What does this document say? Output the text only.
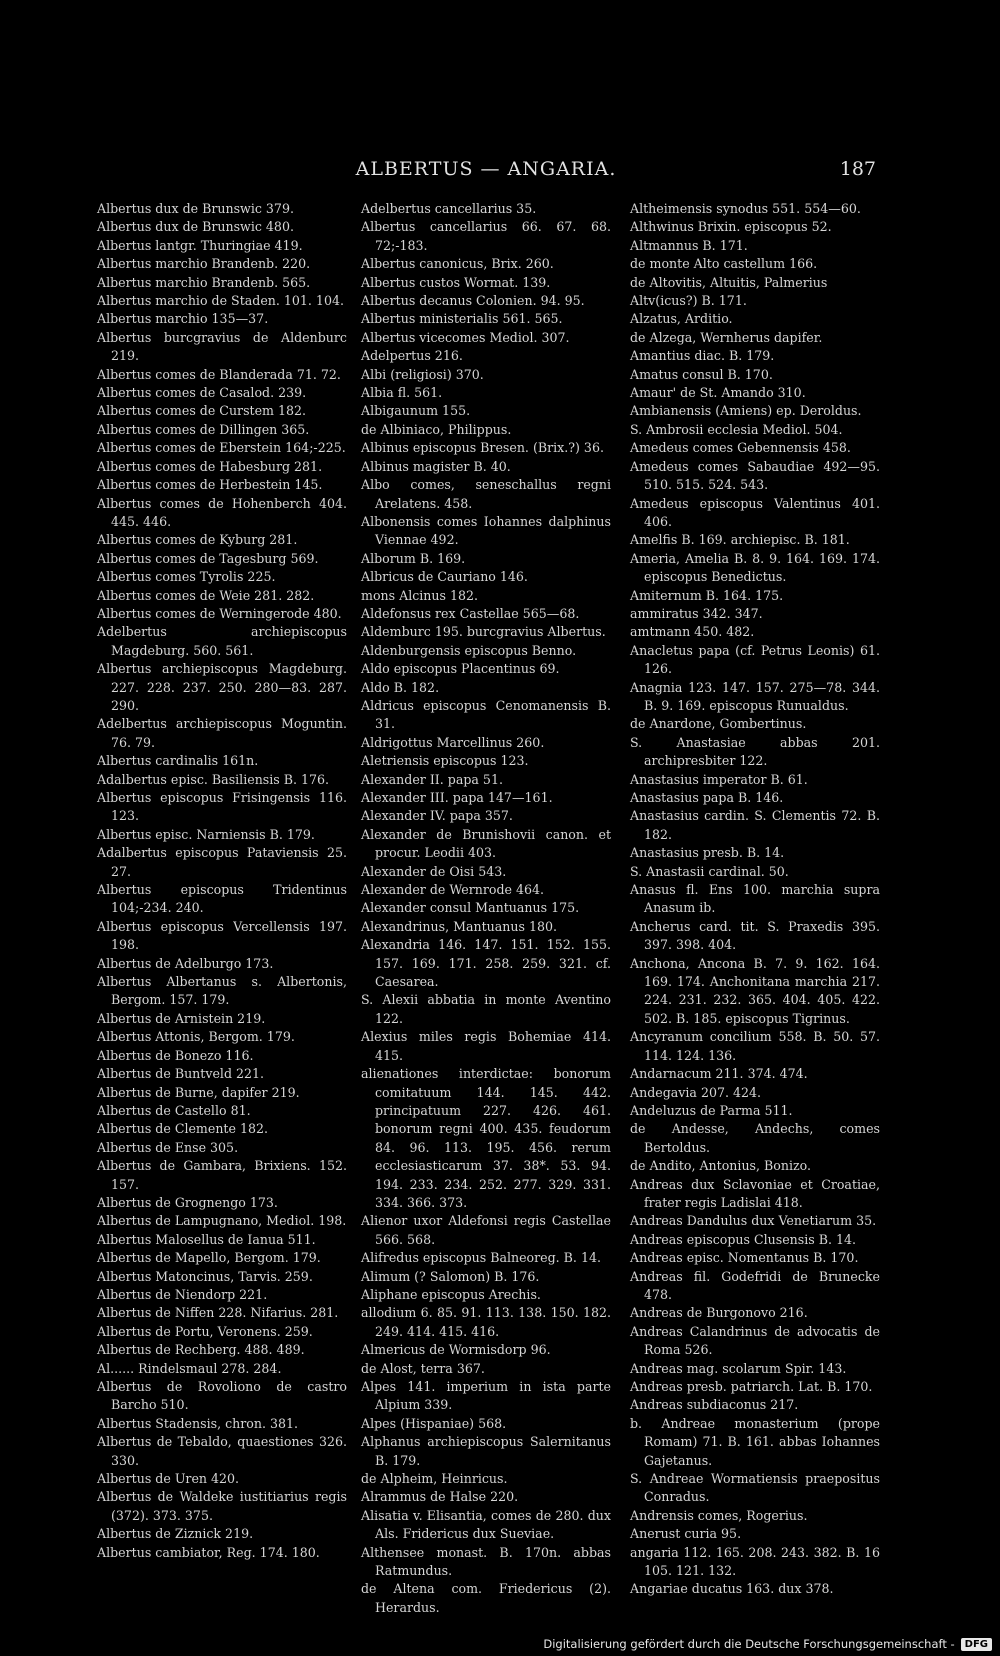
ALBERTUS — ANGARIA.	187
Albertus dux de Brunswic 379.
Albertus dux de Brunswic 480.
Albertus lantgr. Thuringiae 419.
Albertus marchio Brandenb. 220.
Albertus marchio Brandenb. 565.
Albertus marchio de Staden. 101. 104.
Albertus marchio 135—37.
Albertus burcgravius de Aldenburc 219.
Albertus comes de Blanderada 71. 72.
Albertus comes de Casalod. 239.
Albertus comes de Curstem 182.
Albertus comes de Dillingen 365.
Albertus comes de Eberstein 164;-225.
Albertus comes de Habesburg 281.
Albertus comes de Herbestein 145.
Albertus comes de Hohenberch 404. 445. 446.
Albertus comes de Kyburg 281.
Albertus comes de Tagesburg 569.
Albertus comes Tyrolis 225.
Albertus comes de Weie 281. 282.
Albertus comes de Werningerode 480.
Adelbertus archiepiscopus Magdeburg. 560. 561.
Albertus archiepiscopus Magdeburg. 227. 228. 237. 250. 280—83. 287. 290.
Adelbertus archiepiscopus Moguntin. 76. 79.
Albertus cardinalis 161n.
Adalbertus episc. Basiliensis B. 176.
Albertus episcopus Frisingensis 116. 123.
Albertus episc. Narniensis B. 179.
Adalbertus episcopus Pataviensis 25. 27.
Albertus episcopus Tridentinus 104;-234. 240.
Albertus episcopus Vercellensis 197. 198.
Albertus de Adelburgo 173.
Albertus Albertanus s. Albertonis, Bergom. 157. 179.
Albertus de Arnistein 219.
Albertus Attonis, Bergom. 179.
Albertus de Bonezo 116.
Albertus de Buntveld 221.
Albertus de Burne, dapifer 219.
Albertus de Castello 81.
Albertus de Clemente 182.
Albertus de Ense 305.
Albertus de Gambara, Brixiens. 152. 157.
Albertus de Grognengo 173.
Albertus de Lampugnano, Mediol. 198.
Albertus Malosellus de Ianua 511.
Albertus de Mapello, Bergom. 179.
Albertus Matoncinus, Tarvis. 259.
Albertus de Niendorp 221.
Albertus de Niffen 228. Nifarius. 281.
Albertus de Portu, Veronens. 259.
Albertus de Rechberg. 488. 489.
Al...... Rindelsmaul 278. 284.
Albertus de Rovoliono de castro Barcho 510.
Albertus Stadensis, chron. 381.
Albertus de Tebaldo, quaestiones 326. 330.
Albertus de Uren 420.
Albertus de Waldeke iustitiarius regis (372). 373. 375.
Albertus de Ziznick 219.
Albertus cambiator, Reg. 174. 180.
Adelbertus cancellarius 35.
Albertus cancellarius 66. 67. 68. 72;-183.
Albertus canonicus, Brix. 260.
Albertus custos Wormat. 139.
Albertus decanus Colonien. 94. 95.
Albertus ministerialis 561. 565.
Albertus vicecomes Mediol. 307.
Adelpertus 216.
Albi (religiosi) 370.
Albia fl. 561.
Albigaunum 155.
de Albiniaco, Philippus.
Albinus episcopus Bresen. (Brix.?) 36.
Albinus magister B. 40.
Albo comes, seneschallus regni Arelatens. 458.
Albonensis comes Iohannes dalphinus Viennae 492.
Alborum B. 169.
Albricus de Cauriano 146.
mons Alcinus 182.
Aldefonsus rex Castellae 565—68.
Aldemburc 195. burcgravius Albertus.
Aldenburgensis episcopus Benno.
Aldo episcopus Placentinus 69.
Aldo B. 182.
Aldricus episcopus Cenomanensis B. 31.
Aldrigottus Marcellinus 260.
Aletriensis episcopus 123.
Alexander II. papa 51.
Alexander III. papa 147—161.
Alexander IV. papa 357.
Alexander de Brunishovii canon. et procur. Leodii 403.
Alexander de Oisi 543.
Alexander de Wernrode 464.
Alexander consul Mantuanus 175.
Alexandrinus, Mantuanus 180.
Alexandria 146. 147. 151. 152. 155. 157. 169. 171. 258. 259. 321. cf. Caesarea.
S. Alexii abbatia in monte Aventino 122.
Alexius miles regis Bohemiae 414. 415.
alienationes interdictae: bonorum comitatuum 144. 145. 442. principatuum 227. 426. 461. bonorum regni 400. 435. feudorum 84. 96. 113. 195. 456. rerum ecclesiasticarum 37. 38*. 53. 94. 194. 233. 234. 252. 277. 329. 331. 334. 366. 373.
Alienor uxor Aldefonsi regis Castellae 566. 568.
Alifredus episcopus Balneoreg. B. 14.
Alimum (? Salomon) B. 176.
Aliphane episcopus Arechis.
allodium 6. 85. 91. 113. 138. 150. 182. 249. 414. 415. 416.
Almericus de Wormisdorp 96.
de Alost, terra 367.
Alpes 141. imperium in ista parte Alpium 339.
Alpes (Hispaniae) 568.
Alphanus archiepiscopus Salernitanus B. 179.
de Alpheim, Heinricus.
Alrammus de Halse 220.
Alisatia v. Elisantia, comes de 280. dux Als. Fridericus dux Sueviae.
Althensee monast. B. 170n. abbas Ratmundus.
de Altena com. Friedericus (2). Herardus.
Altheimensis synodus 551. 554—60.
Althwinus Brixin. episcopus 52.
Altmannus B. 171.
de monte Alto castellum 166.
de Altovitis, Altuitis, Palmerius
Altv(icus?) B. 171.
Alzatus, Arditio.
de Alzega, Wernherus dapifer.
Amantius diac. B. 179.
Amatus consul B. 170.
Amaur' de St. Amando 310.
Ambianensis (Amiens) ep. Deroldus.
S. Ambrosii ecclesia Mediol. 504.
Amedeus comes Gebennensis 458.
Amedeus comes Sabaudiae 492—95. 510. 515. 524. 543.
Amedeus episcopus Valentinus 401. 406.
Amelfis B. 169. archiepisc. B. 181.
Ameria, Amelia B. 8. 9. 164. 169. 174. episcopus Benedictus.
Amiternum B. 164. 175.
ammiratus 342. 347.
amtmann 450. 482.
Anacletus papa (cf. Petrus Leonis) 61. 126.
Anagnia 123. 147. 157. 275—78. 344. B. 9. 169. episcopus Runualdus.
de Anardone, Gombertinus.
S. Anastasiae abbas 201. archipresbiter 122.
Anastasius imperator B. 61.
Anastasius papa B. 146.
Anastasius cardin. S. Clementis 72. B. 182.
Anastasius presb. B. 14.
S. Anastasii cardinal. 50.
Anasus fl. Ens 100. marchia supra Anasum ib.
Ancherus card. tit. S. Praxedis 395. 397. 398. 404.
Anchona, Ancona B. 7. 9. 162. 164. 169. 174. Anchonitana marchia 217. 224. 231. 232. 365. 404. 405. 422. 502. B. 185. episcopus Tigrinus.
Ancyranum concilium 558. B. 50. 57. 114. 124. 136.
Andarnacum 211. 374. 474.
Andegavia 207. 424.
Andeluzus de Parma 511.
de Andesse, Andechs, comes Bertoldus.
de Andito, Antonius, Bonizo.
Andreas dux Sclavoniae et Croatiae, frater regis Ladislai 418.
Andreas Dandulus dux Venetiarum 35.
Andreas episcopus Clusensis B. 14.
Andreas episc. Nomentanus B. 170.
Andreas fil. Godefridi de Brunecke 478.
Andreas de Burgonovo 216.
Andreas Calandrinus de advocatis de Roma 526.
Andreas mag. scolarum Spir. 143.
Andreas presb. patriarch. Lat. B. 170.
Andreas subdiaconus 217.
b. Andreae monasterium (prope Romam) 71. B. 161. abbas Iohannes Gajetanus.
S. Andreae Wormatiensis praepositus Conradus.
Andrensis comes, Rogerius.
Anerust curia 95.
angaria 112. 165. 208. 243. 382. B. 16 105. 121. 132.
Angariae ducatus 163. dux 378.
Digitalisierung gefördert durch die Deutsche Forschungsgemeinschaft -	DFG
